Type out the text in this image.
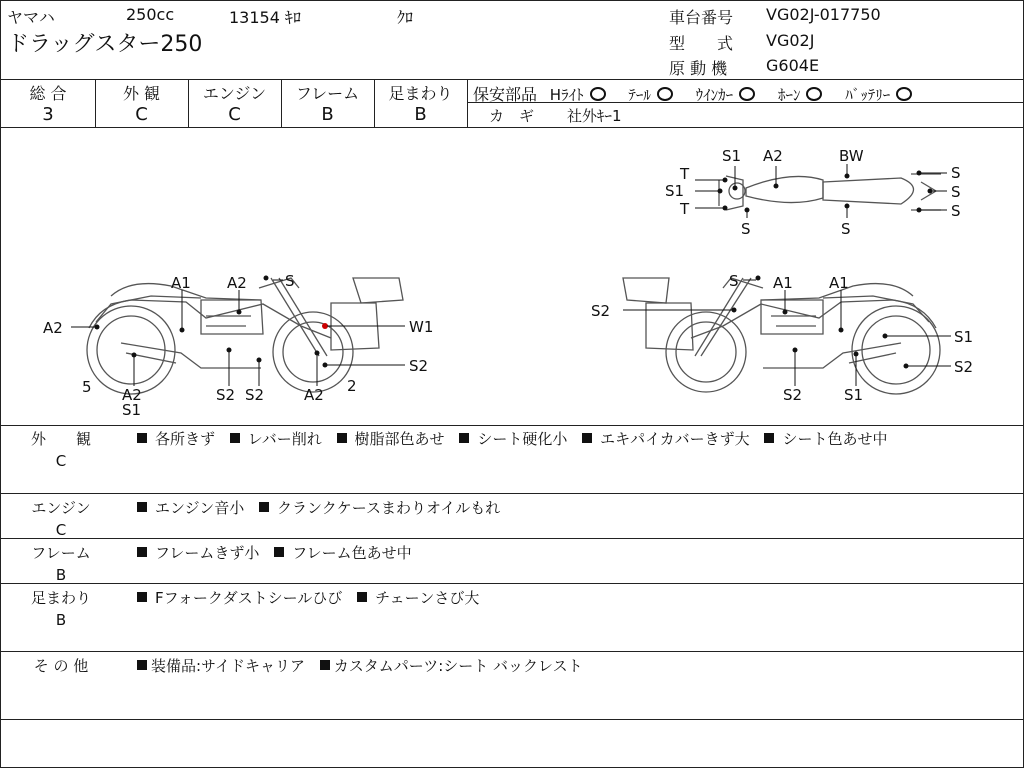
ヤマハ	250cc	13154 ｷﾛ	ｸﾛ
ドラッグスター250
車台番号 VG02J-017750
型　　式 VG02J
原 動 機 G604E
総 合
3
外 観
C
エンジン
C
フレーム
B
足まわり
B
保安部品 Hﾗｲﾄ	ﾃｰﾙ	ｳｲﾝｶｰ	ﾎｰﾝ	ﾊﾞｯﾃﾘｰ
カ　ギ 社外ｷｰ1
T
S1
T
S1 A2	BW
S
S
S
S	S
A1 A2	S
A2	W1
S2
5 A2
S1
S2 S2	A2 2
S A1 A1
S2
S1
S2
S2	S1
外　　観
C
各所きず レバー削れ 樹脂部色あせ シート硬化小 エキパイカバーきず大 シート色あせ中
エンジン
C
エンジン音小 クランクケースまわりオイルもれ
フレーム
B
フレームきず小 フレーム色あせ中
足まわり
B
Fフォークダストシールひび チェーンさび大
そ の 他	装備品:サイドキャリア カスタムパーツ:シート バックレスト
